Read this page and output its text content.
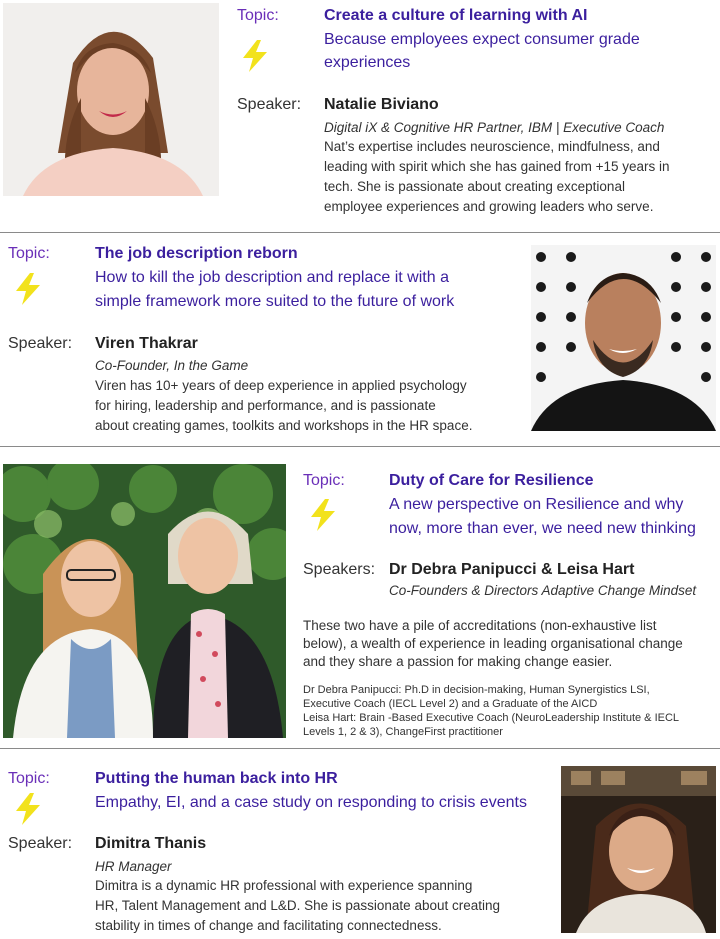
Topic:	Create a culture of learning with AI
Because employees expect consumer grade
experiences
Speaker: Natalie Biviano
Digital iX & Cognitive HR Partner, IBM | Executive Coach
Nat’s expertise includes neuroscience, mindfulness, and
leading with spirit which she has gained from +15 years in
tech. She is passionate about creating exceptional
employee experiences and growing leaders who serve.
Topic:	The job description reborn
How to kill the job description and replace it with a
simple framework more suited to the future of work
Speaker: Viren Thakrar
Co-Founder, In the Game
Viren has 10+ years of deep experience in applied psychology
for hiring, leadership and performance, and is passionate
about creating games, toolkits and workshops in the HR space.
Topic:	Duty of Care for Resilience
A new perspective on Resilience and why
now, more than ever, we need new thinking
Speakers: Dr Debra Panipucci & Leisa Hart
Co-Founders & Directors Adaptive Change Mindset
These two have a pile of accreditations (non-exhaustive list
below), a wealth of experience in leading organisational change
and they share a passion for making change easier.
Dr Debra Panipucci: Ph.D in decision-making, Human Synergistics LSI,
Executive Coach (IECL Level 2) and a Graduate of the AICD
Leisa Hart: Brain -Based Executive Coach (NeuroLeadership Institute & IECL
Levels 1, 2 & 3), ChangeFirst practitioner
Topic:	Putting the human back into HR
Empathy, EI, and a case study on responding to crisis events
Speaker: Dimitra Thanis
HR Manager
Dimitra is a dynamic HR professional with experience spanning
HR, Talent Management and L&D. She is passionate about creating
stability in times of change and facilitating connectedness.
